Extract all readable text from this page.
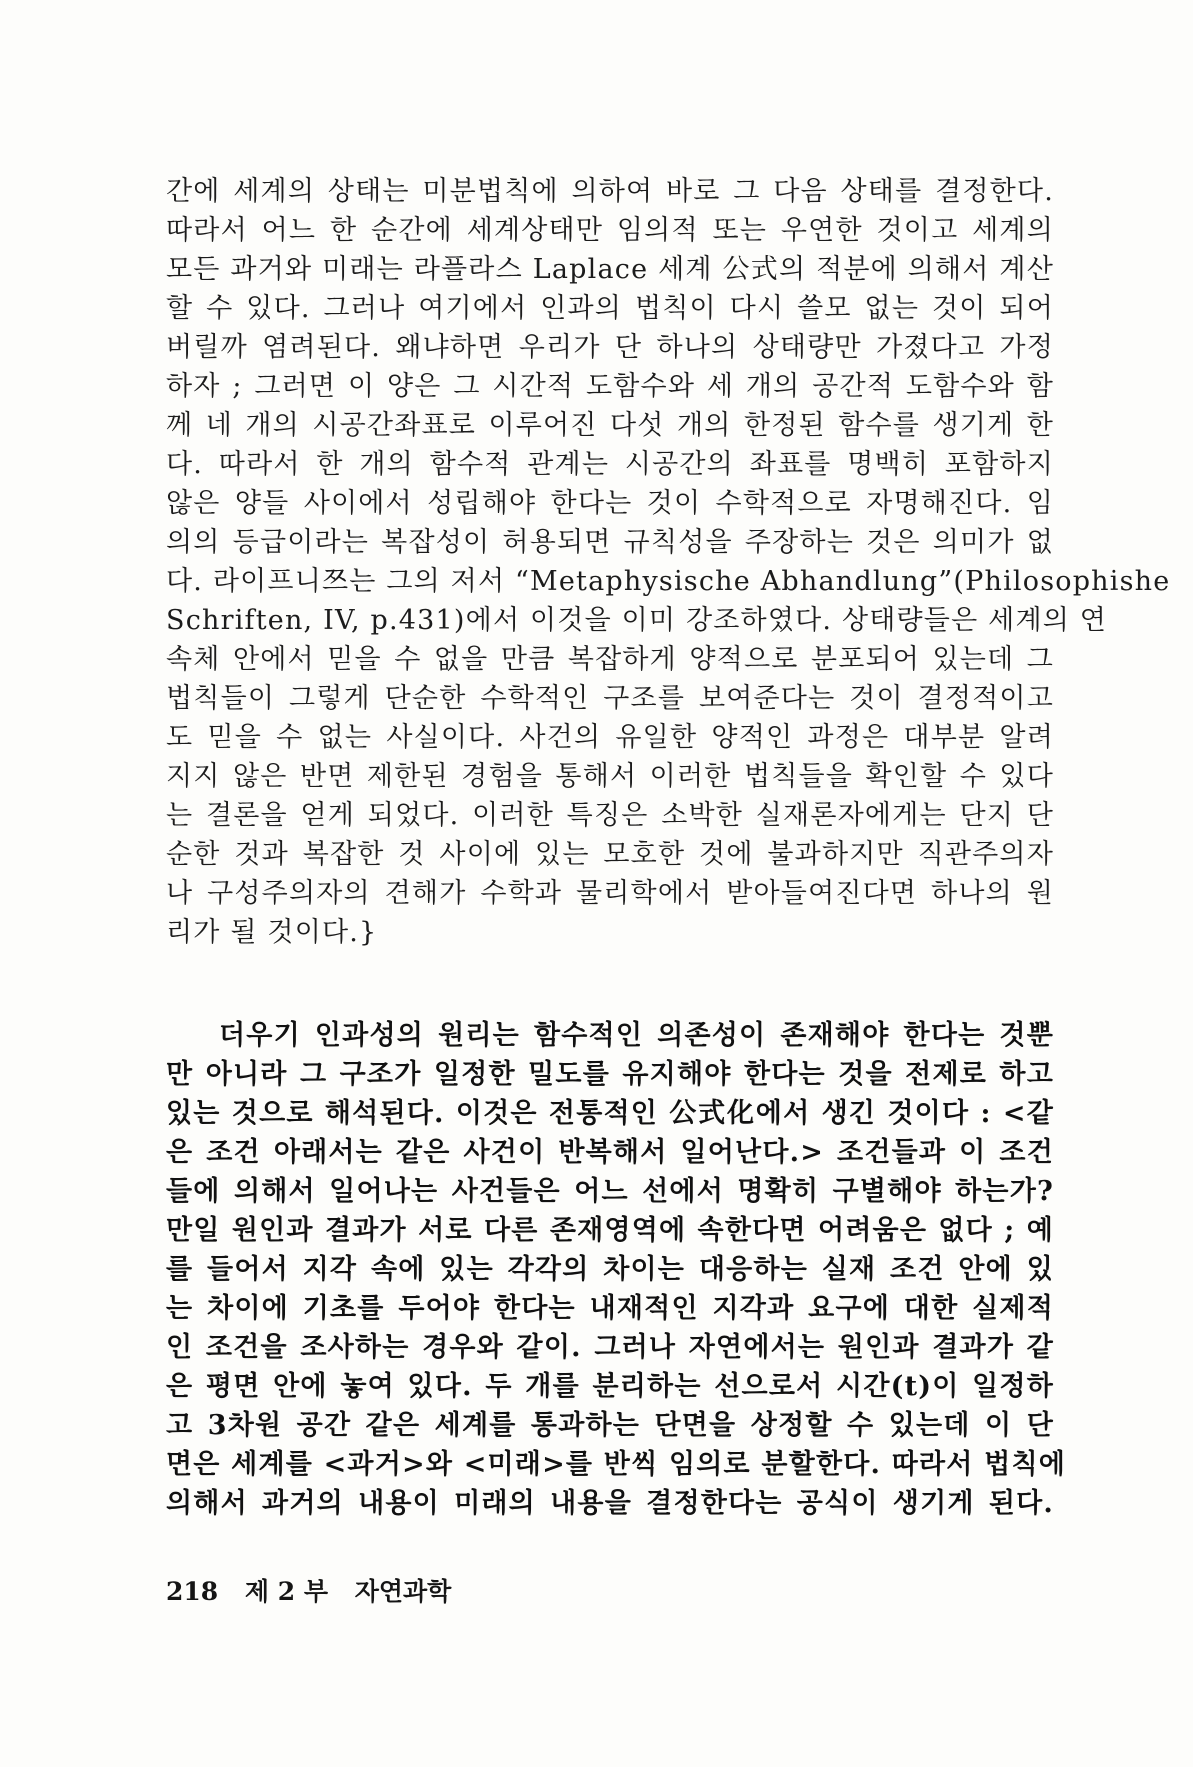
간에 세계의 상태는 미분법칙에 의하여 바로 그 다음 상태를 결정한다.
따라서 어느 한 순간에 세계상태만 임의적 또는 우연한 것이고 세계의
모든 과거와 미래는 라플라스 Laplace 세계 公式의 적분에 의해서 계산
할 수 있다. 그러나 여기에서 인과의 법칙이 다시 쓸모 없는 것이 되어
버릴까 염려된다. 왜냐하면 우리가 단 하나의 상태량만 가졌다고 가정
하자 ; 그러면 이 양은 그 시간적 도함수와 세 개의 공간적 도함수와 함
께 네 개의 시공간좌표로 이루어진 다섯 개의 한정된 함수를 생기게 한
다. 따라서 한 개의 함수적 관계는 시공간의 좌표를 명백히 포함하지
않은 양들 사이에서 성립해야 한다는 것이 수학적으로 자명해진다. 임
의의 등급이라는 복잡성이 허용되면 규칙성을 주장하는 것은 의미가 없
다. 라이프니쯔는 그의 저서 “Metaphysische Abhandlung”(Philosophishe
Schriften, IV, p.431)에서 이것을 이미 강조하였다. 상태량들은 세계의 연
속체 안에서 믿을 수 없을 만큼 복잡하게 양적으로 분포되어 있는데 그
법칙들이 그렇게 단순한 수학적인 구조를 보여준다는 것이 결정적이고
도 믿을 수 없는 사실이다. 사건의 유일한 양적인 과정은 대부분 알려
지지 않은 반면 제한된 경험을 통해서 이러한 법칙들을 확인할 수 있다
는 결론을 얻게 되었다. 이러한 특징은 소박한 실재론자에게는 단지 단
순한 것과 복잡한 것 사이에 있는 모호한 것에 불과하지만 직관주의자
나 구성주의자의 견해가 수학과 물리학에서 받아들여진다면 하나의 원
리가 될 것이다.}
더우기 인과성의 원리는 함수적인 의존성이 존재해야 한다는 것뿐
만 아니라 그 구조가 일정한 밀도를 유지해야 한다는 것을 전제로 하고
있는 것으로 해석된다. 이것은 전통적인 公式化에서 생긴 것이다 : <같
은 조건 아래서는 같은 사건이 반복해서 일어난다.> 조건들과 이 조건
들에 의해서 일어나는 사건들은 어느 선에서 명확히 구별해야 하는가?
만일 원인과 결과가 서로 다른 존재영역에 속한다면 어려움은 없다 ; 예
를 들어서 지각 속에 있는 각각의 차이는 대응하는 실재 조건 안에 있
는 차이에 기초를 두어야 한다는 내재적인 지각과 요구에 대한 실제적
인 조건을 조사하는 경우와 같이. 그러나 자연에서는 원인과 결과가 같
은 평면 안에 놓여 있다. 두 개를 분리하는 선으로서 시간(t)이 일정하
고 3차원 공간 같은 세계를 통과하는 단면을 상정할 수 있는데 이 단
면은 세계를 <과거>와 <미래>를 반씩 임의로 분할한다. 따라서 법칙에
의해서 과거의 내용이 미래의 내용을 결정한다는 공식이 생기게 된다.
218 제 2 부 자연과학
